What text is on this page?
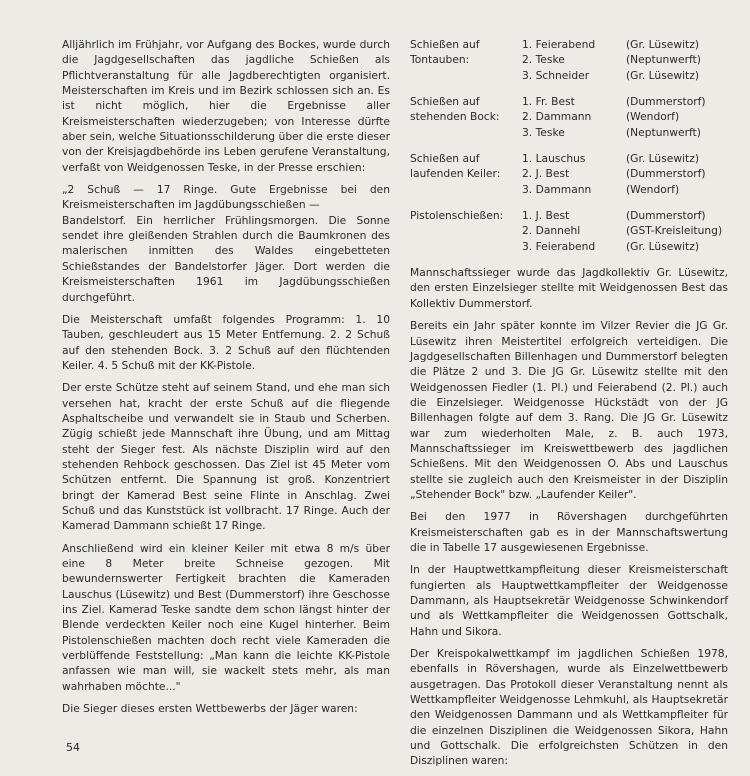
Alljährlich im Frühjahr, vor Aufgang des Bockes, wurde durch die Jagdgesellschaften das jagdliche Schießen als Pflichtveranstaltung für alle Jagdberechtigten organisiert. Meisterschaften im Kreis und im Bezirk schlossen sich an. Es ist nicht möglich, hier die Ergebnisse aller Kreismeisterschaften wiederzugeben; von Interesse dürfte aber sein, welche Situationsschilderung über die erste dieser von der Kreisjagdbehörde ins Leben gerufene Veranstaltung, verfaßt von Weidgenossen Teske, in der Presse erschien:

„2 Schuß — 17 Ringe. Gute Ergebnisse bei den Kreismeisterschaften im Jagdübungsschießen —

Bandelstorf. Ein herrlicher Frühlingsmorgen. Die Sonne sendet ihre gleißenden Strahlen durch die Baumkronen des malerischen inmitten des Waldes eingebetteten Schießstandes der Bandelstorfer Jäger. Dort werden die Kreismeisterschaften 1961 im Jagdübungsschießen durchgeführt.

Die Meisterschaft umfaßt folgendes Programm: 1. 10 Tauben, geschleudert aus 15 Meter Entfernung. 2. 2 Schuß auf den stehenden Bock. 3. 2 Schuß auf den flüchtenden Keiler. 4. 5 Schuß mit der KK-Pistole.

Der erste Schütze steht auf seinem Stand, und ehe man sich versehen hat, kracht der erste Schuß auf die fliegende Asphaltscheibe und verwandelt sie in Staub und Scherben. Zügig schießt jede Mannschaft ihre Übung, und am Mittag steht der Sieger fest. Als nächste Disziplin wird auf den stehenden Rehbock geschossen. Das Ziel ist 45 Meter vom Schützen entfernt. Die Spannung ist groß. Konzentriert bringt der Kamerad Best seine Flinte in Anschlag. Zwei Schuß und das Kunststück ist vollbracht. 17 Ringe. Auch der Kamerad Dammann schießt 17 Ringe.

Anschließend wird ein kleiner Keiler mit etwa 8 m/s über eine 8 Meter breite Schneise gezogen. Mit bewundernswerter Fertigkeit brachten die Kameraden Lauschus (Lüsewitz) und Best (Dummerstorf) ihre Geschosse ins Ziel. Kamerad Teske sandte dem schon längst hinter der Blende verdeckten Keiler noch eine Kugel hinterher. Beim Pistolenschießen machten doch recht viele Kameraden die verblüffende Feststellung: „Man kann die leichte KK-Pistole anfassen wie man will, sie wackelt stets mehr, als man wahrhaben möchte..."

Die Sieger dieses ersten Wettbewerbs der Jäger waren:

Schießen auf Tontauben:	1. Feierabend	(Gr. Lüsewitz)
	2. Teske	(Neptunwerft)
	3. Schneider	(Gr. Lüsewitz)
Schießen auf stehenden Bock:	1. Fr. Best	(Dummerstorf)
	2. Dammann	(Wendorf)
	3. Teske	(Neptunwerft)
Schießen auf laufenden Keiler:	1. Lauschus	(Gr. Lüsewitz)
	2. J. Best	(Dummerstorf)
	3. Dammann	(Wendorf)
Pistolenschießen:	1. J. Best	(Dummerstorf)
	2. Dannehl	(GST-Kreisleitung)
	3. Feierabend	(Gr. Lüsewitz)

Mannschaftssieger wurde das Jagdkollektiv Gr. Lüsewitz, den ersten Einzelsieger stellte mit Weidgenossen Best das Kollektiv Dummerstorf.

Bereits ein Jahr später konnte im Vilzer Revier die JG Gr. Lüsewitz ihren Meistertitel erfolgreich verteidigen. Die Jagdgesellschaften Billenhagen und Dummerstorf belegten die Plätze 2 und 3. Die JG Gr. Lüsewitz stellte mit den Weidgenossen Fiedler (1. Pl.) und Feierabend (2. Pl.) auch die Einzelsieger. Weidgenosse Hückstädt von der JG Billenhagen folgte auf dem 3. Rang. Die JG Gr. Lüsewitz war zum wiederholten Male, z. B. auch 1973, Mannschaftssieger im Kreiswettbewerb des jagdlichen Schießens. Mit den Weidgenossen O. Abs und Lauschus stellte sie zugleich auch den Kreismeister in der Disziplin „Stehender Bock" bzw. „Laufender Keiler".

Bei den 1977 in Rövershagen durchgeführten Kreismeisterschaften gab es in der Mannschaftswertung die in Tabelle 17 ausgewiesenen Ergebnisse.

In der Hauptwettkampfleitung dieser Kreismeisterschaft fungierten als Hauptwettkampfleiter der Weidgenosse Dammann, als Hauptsekretär Weidgenosse Schwinkendorf und als Wettkampfleiter die Weidgenossen Gottschalk, Hahn und Sikora.

Der Kreispokalwettkampf im jagdlichen Schießen 1978, ebenfalls in Rövershagen, wurde als Einzelwettbewerb ausgetragen. Das Protokoll dieser Veranstaltung nennt als Wettkampfleiter Weidgenosse Lehmkuhl, als Hauptsekretär den Weidgenossen Dammann und als Wettkampfleiter für die einzelnen Disziplinen die Weidgenossen Sikora, Hahn und Gottschalk. Die erfolgreichsten Schützen in den Disziplinen waren:

54
